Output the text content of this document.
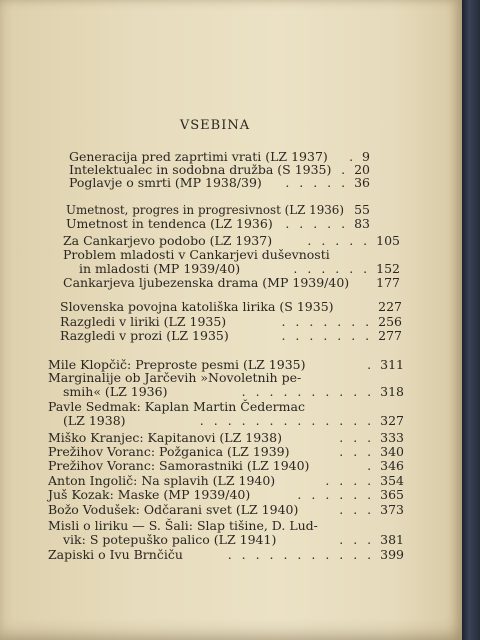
VSEBINA
Generacija pred zaprtimi vrati (LZ 1937)	9
.
Intelektualec in sodobna družba (S 1935) 20
.
Poglavje o smrti (MP 1938/39)	36
. . . . .
Umetnost, progres in progresivnost (LZ 1936) 55
Umetnost in tendenca (LZ 1936)	83
. . . . .
Za Cankarjevo podobo (LZ 1937)	105
. . . . .
Problem mladosti v Cankarjevi duševnosti
in mladosti (MP 1939/40)	152
. . . . . .
Cankarjeva ljubezenska drama (MP 1939/40) 177
Slovenska povojna katoliška lirika (S 1935)	227
Razgledi v liriki (LZ 1935)	256
. . . . . . .
Razgledi v prozi (LZ 1935)	277
. . . . . . .
Mile Klopčič: Preproste pesmi (LZ 1935)	311
.
Marginalije ob Jarčevih »Novoletnih pe-
smih« (LZ 1936)	318
. . . . . . . . . .
Pavle Sedmak: Kaplan Martin Čedermac
(LZ 1938)	327
. . . . . . . . . . . . .
Miško Kranjec: Kapitanovi (LZ 1938)	333
. . .
Prežihov Voranc: Požganica (LZ 1939)	340
. . .
Prežihov Voranc: Samorastniki (LZ 1940)	346
.
Anton Ingolič: Na splavih (LZ 1940)	354
. . . .
Juš Kozak: Maske (MP 1939/40)	365
. . . . . .
Božo Vodušek: Odčarani svet (LZ 1940)	373
. . .
Misli o liriku — S. Šali: Slap tišine, D. Lud-
vik: S potepuško palico (LZ 1941)	381
. . .
Zapiski o Ivu Brnčiču	399
. . . . . . . . . . .
